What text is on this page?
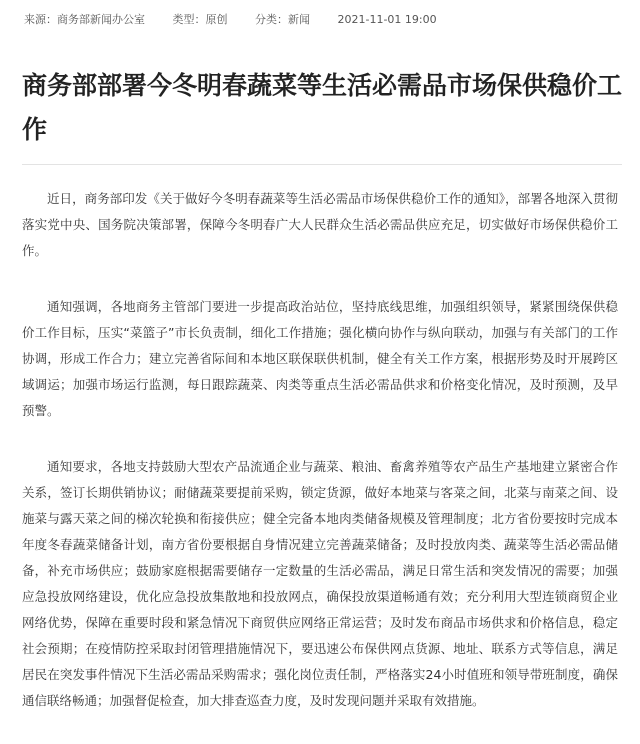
来源：商务部新闻办公室	类型：原创	分类：新闻	2021-11-01 19:00
商务部部署今冬明春蔬菜等生活必需品市场保供稳价工作

近日，商务部印发《关于做好今冬明春蔬菜等生活必需品市场保供稳价工作的通知》，部署各地深入贯彻落实党中央、国务院决策部署，保障今冬明春广大人民群众生活必需品供应充足，切实做好市场保供稳价工作。

通知强调，各地商务主管部门要进一步提高政治站位，坚持底线思维，加强组织领导，紧紧围绕保供稳价工作目标，压实“菜篮子”市长负责制，细化工作措施；强化横向协作与纵向联动，加强与有关部门的工作协调，形成工作合力；建立完善省际间和本地区联保联供机制，健全有关工作方案，根据形势及时开展跨区域调运；加强市场运行监测，每日跟踪蔬菜、肉类等重点生活必需品供求和价格变化情况，及时预测，及早预警。

通知要求，各地支持鼓励大型农产品流通企业与蔬菜、粮油、畜禽养殖等农产品生产基地建立紧密合作关系，签订长期供销协议；耐储蔬菜要提前采购，锁定货源，做好本地菜与客菜之间，北菜与南菜之间、设施菜与露天菜之间的梯次轮换和衔接供应；健全完备本地肉类储备规模及管理制度；北方省份要按时完成本年度冬春蔬菜储备计划，南方省份要根据自身情况建立完善蔬菜储备；及时投放肉类、蔬菜等生活必需品储备，补充市场供应；鼓励家庭根据需要储存一定数量的生活必需品，满足日常生活和突发情况的需要；加强应急投放网络建设，优化应急投放集散地和投放网点，确保投放渠道畅通有效；充分利用大型连锁商贸企业网络优势，保障在重要时段和紧急情况下商贸供应网络正常运营；及时发布商品市场供求和价格信息，稳定社会预期；在疫情防控采取封闭管理措施情况下，要迅速公布保供网点货源、地址、联系方式等信息，满足居民在突发事件情况下生活必需品采购需求；强化岗位责任制，严格落实24小时值班和领导带班制度，确保通信联络畅通；加强督促检查，加大排查巡查力度，及时发现问题并采取有效措施。
